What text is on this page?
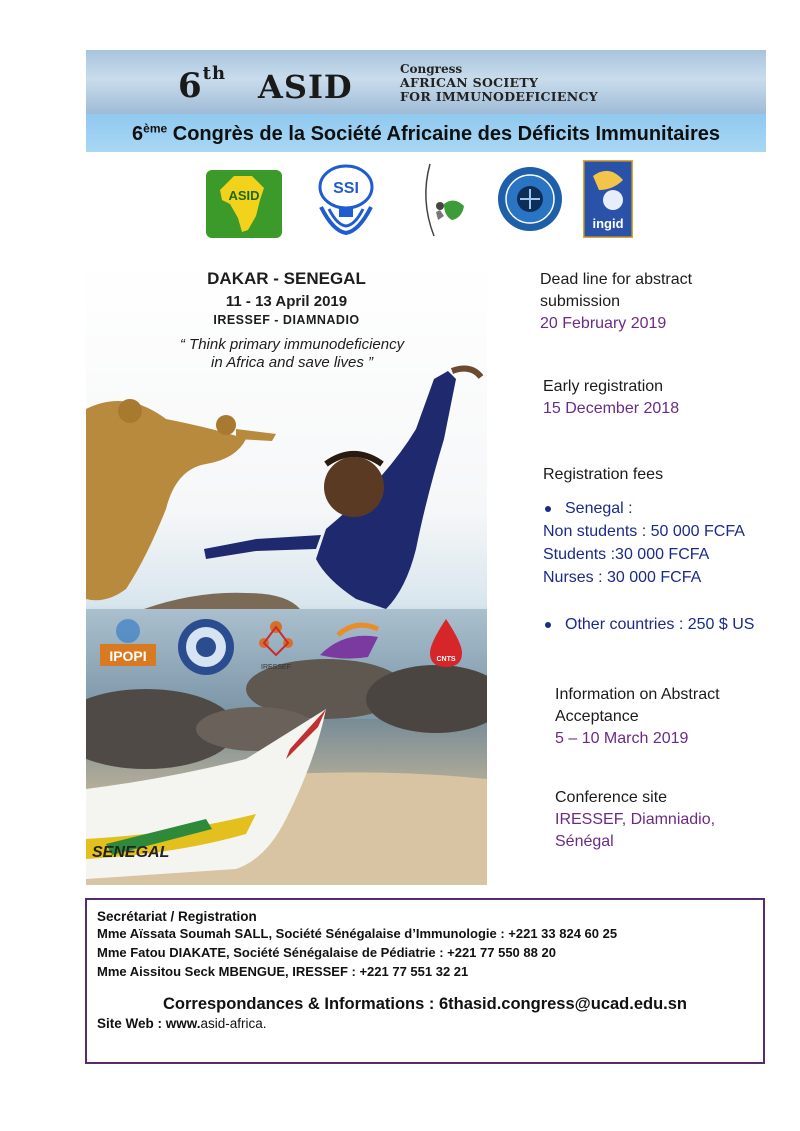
6th ASID	Congress
AFRICAN SOCIETY
FOR IMMUNODEFICIENCY
6ème Congrès de la Société Africaine des Déficits Immunitaires
ASID	SSI
ingid
SENEGAL
IPOPI
IRESSEF
CNTS
DAKAR - SENEGAL
11 - 13 April 2019
IRESSEF - DIAMNADIO
“ Think primary immunodeficiency
in Africa and save lives ”
Dead line for abstract
submission
20 February 2019
Early registration
15 December 2018
Registration fees
Senegal :
Non students : 50 000 FCFA
Students :30 000 FCFA
Nurses : 30 000 FCFA
Other countries : 250 $ US
Information on Abstract
Acceptance
5 – 10 March 2019
Conference site
IRESSEF, Diamniadio,
Sénégal
Secrétariat / Registration
Mme Aïssata Soumah SALL, Société Sénégalaise d’Immunologie : +221 33 824 60 25
Mme Fatou DIAKATE, Société Sénégalaise de Pédiatrie : +221 77 550 88 20
Mme Aissitou Seck MBENGUE, IRESSEF : +221 77 551 32 21
Correspondances & Informations : 6thasid.congress@ucad.edu.sn
Site Web : www.asid-africa.
